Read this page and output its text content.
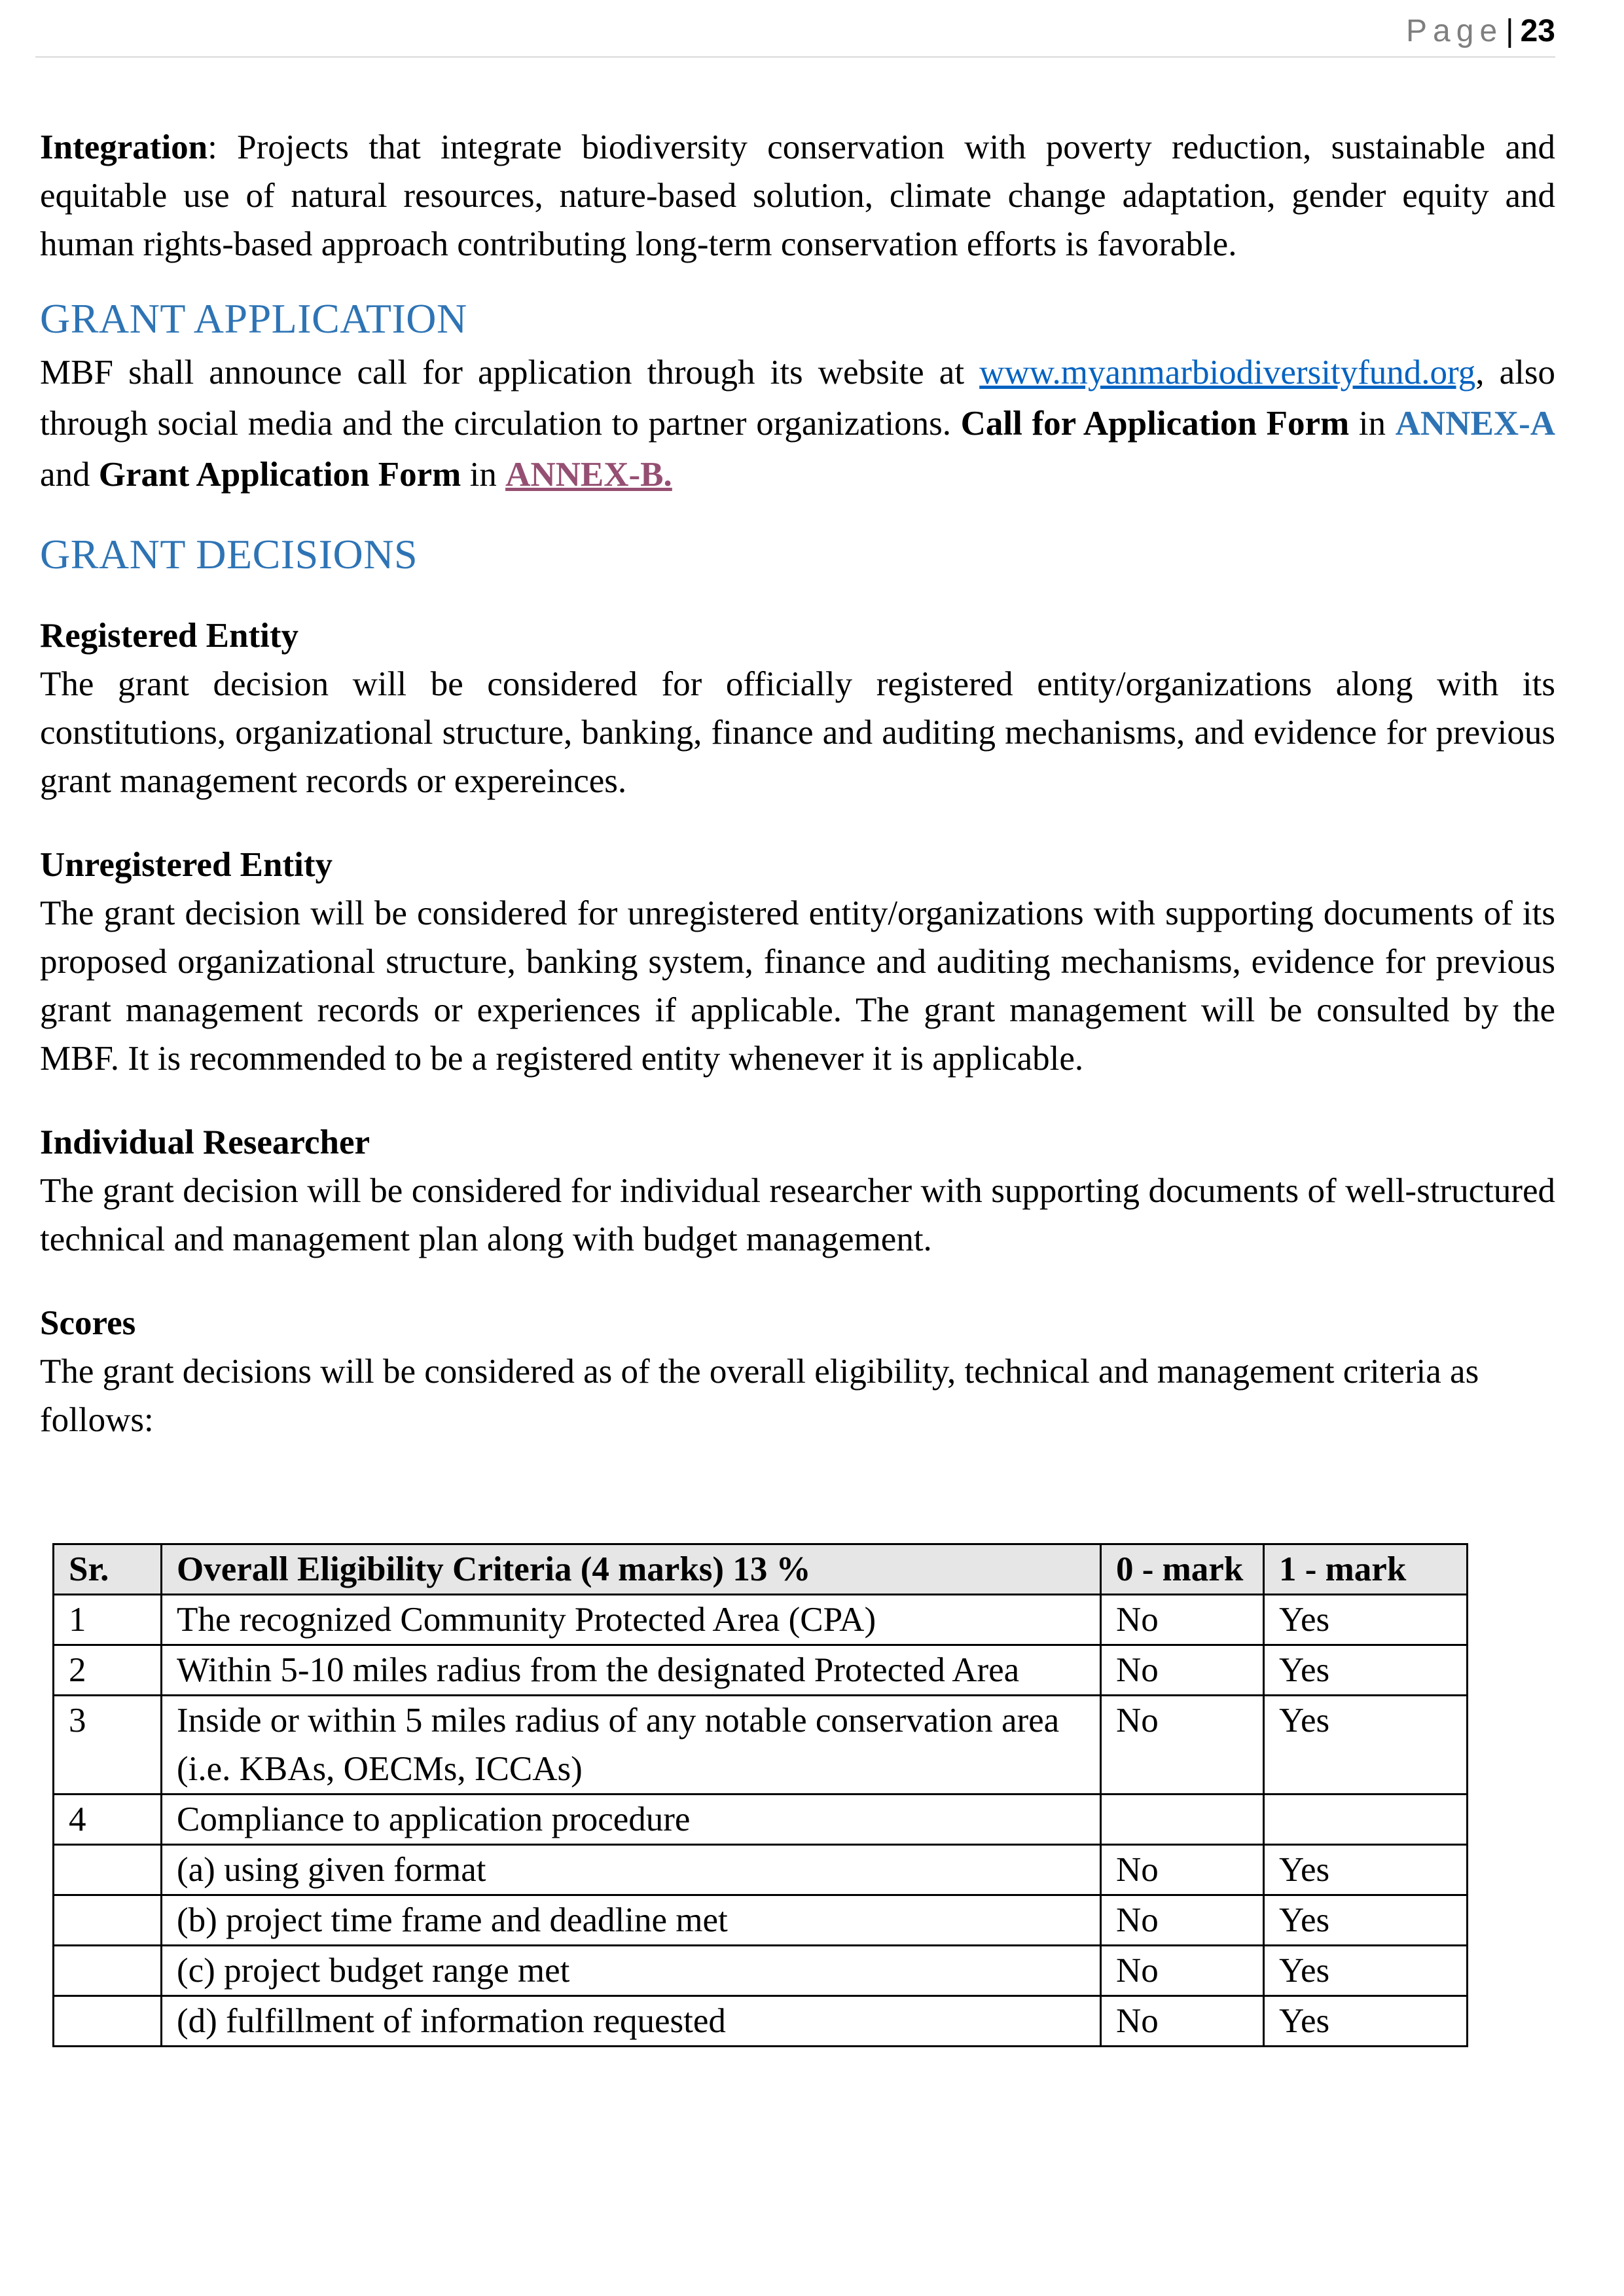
Page| 23

Integration: Projects that integrate biodiversity conservation with poverty reduction, sustainable and equitable use of natural resources, nature-based solution, climate change adaptation, gender equity and human rights-based approach contributing long-term conservation efforts is favorable.

GRANT APPLICATION

MBF shall announce call for application through its website at www.myanmarbiodiversityfund.org, also through social media and the circulation to partner organizations. Call for Application Form in ANNEX-A and Grant Application Form in ANNEX-B.

GRANT DECISIONS
Registered Entity

The grant decision will be considered for officially registered entity/organizations along with its constitutions, organizational structure, banking, finance and auditing mechanisms, and evidence for previous grant management records or expereinces.

Unregistered Entity

The grant decision will be considered for unregistered entity/organizations with supporting documents of its proposed organizational structure, banking system, finance and auditing mechanisms, evidence for previous grant management records or experiences if applicable. The grant management will be consulted by the MBF. It is recommended to be a registered entity whenever it is applicable.

Individual Researcher

The grant decision will be considered for individual researcher with supporting documents of well-structured technical and management plan along with budget management.

Scores

The grant decisions will be considered as of the overall eligibility, technical and management criteria as follows:

Sr.	Overall Eligibility Criteria (4 marks) 13 %	0 - mark	1 - mark
1	The recognized Community Protected Area (CPA)	No	Yes
2	Within 5-10 miles radius from the designated Protected Area	No	Yes
3	Inside or within 5 miles radius of any notable conservation area (i.e. KBAs, OECMs, ICCAs)	No	Yes
4	Compliance to application procedure		
	(a) using given format	No	Yes
	(b) project time frame and deadline met	No	Yes
	(c) project budget range met	No	Yes
	(d) fulfillment of information requested	No	Yes
